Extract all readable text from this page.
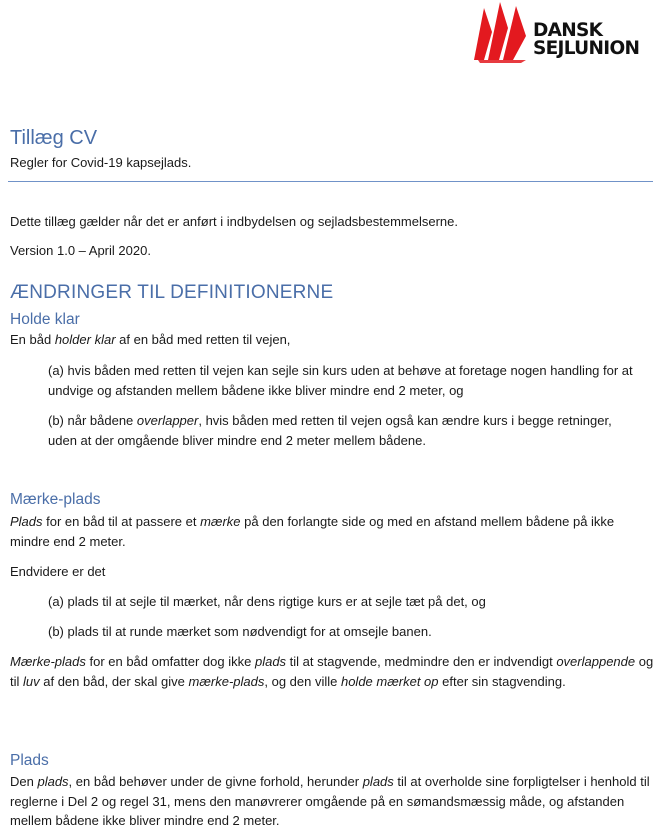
DANSK
SEJLUNION
Tillæg CV
Regler for Covid-19 kapsejlads.
Dette tillæg gælder når det er anført i indbydelsen og sejladsbestemmelserne.
Version 1.0 – April 2020.
ÆNDRINGER TIL DEFINITIONERNE
Holde klar
En båd holder klar af en båd med retten til vejen,
(a) hvis båden med retten til vejen kan sejle sin kurs uden at behøve at foretage nogen handling for at undvige og afstanden mellem bådene ikke bliver mindre end 2 meter, og
(b) når bådene overlapper, hvis båden med retten til vejen også kan ændre kurs i begge retninger, uden at der omgående bliver mindre end 2 meter mellem bådene.
Mærke-plads
Plads for en båd til at passere et mærke på den forlangte side og med en afstand mellem bådene på ikke mindre end 2 meter.
Endvidere er det
(a) plads til at sejle til mærket, når dens rigtige kurs er at sejle tæt på det, og
(b) plads til at runde mærket som nødvendigt for at omsejle banen.
Mærke-plads for en båd omfatter dog ikke plads til at stagvende, medmindre den er indvendigt overlappende og til luv af den båd, der skal give mærke-plads, og den ville holde mærket op efter sin stagvending.
Plads
Den plads, en båd behøver under de givne forhold, herunder plads til at overholde sine forpligtelser i henhold til reglerne i Del 2 og regel 31, mens den manøvrerer omgående på en sømandsmæssig måde, og afstanden mellem bådene ikke bliver mindre end 2 meter.
